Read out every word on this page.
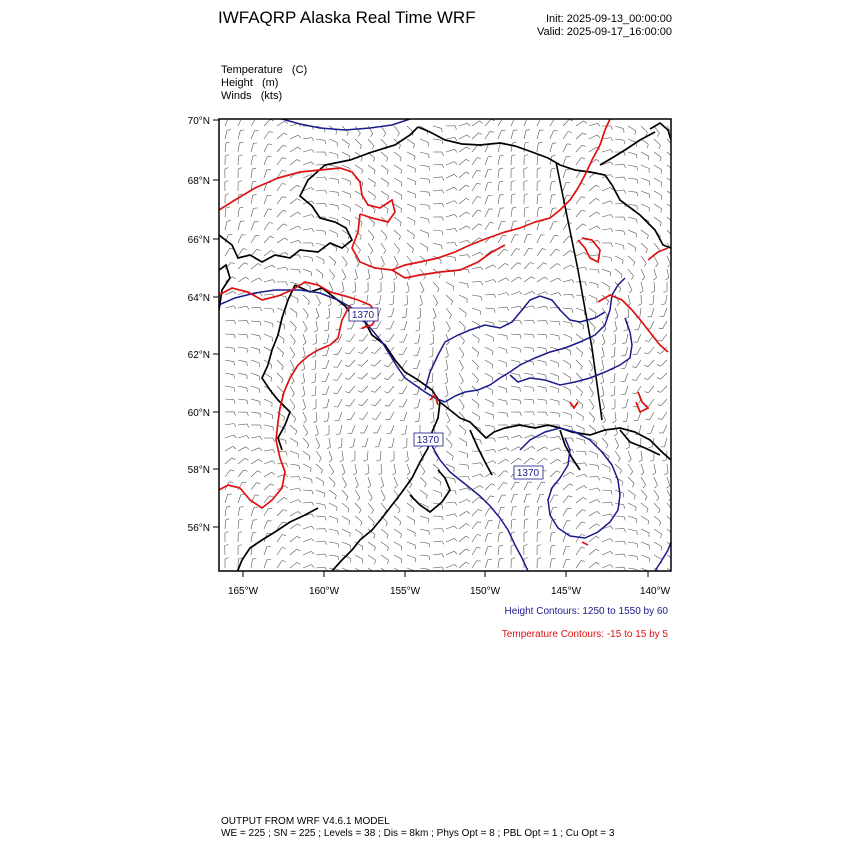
IWFAQRP Alaska Real Time WRF	Init: 2025-09-13_00:00:00
Valid: 2025-09-17_16:00:00
Temperature   (C)
Height   (m)
Winds   (kts)
70°N
68°N
66°N
64°N
62°N
60°N
58°N
56°N
165°W	160°W	155°W	150°W	145°W	140°W
1370
1370
1370
Height Contours: 1250 to 1550 by 60
Temperature Contours: -15 to 15 by 5
OUTPUT FROM WRF V4.6.1 MODEL
WE = 225 ; SN = 225 ; Levels = 38 ; Dis = 8km ; Phys Opt = 8 ; PBL Opt = 1 ; Cu Opt = 3
